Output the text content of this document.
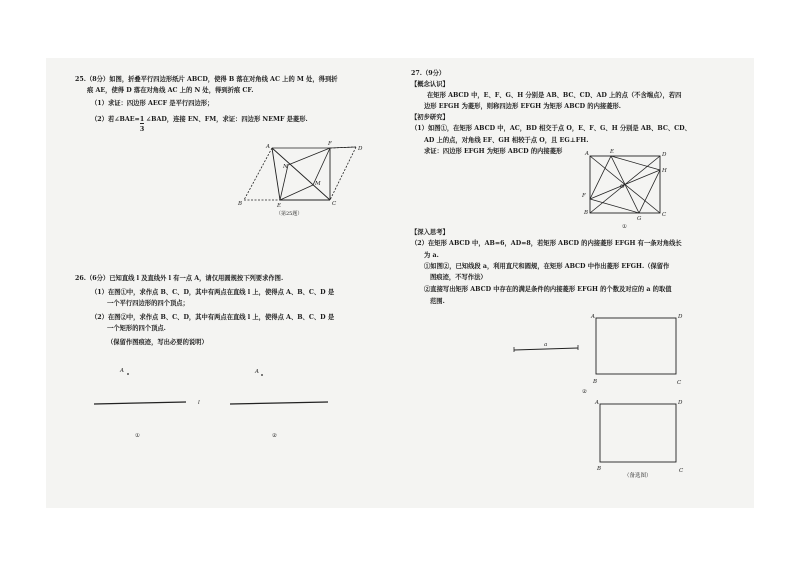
25.（8分）如图，折叠平行四边形纸片 ABCD，使得 B 落在对角线 AC 上的 M 处，得到折
痕 AE，使得 D 落在对角线 AC 上的 N 处，得到折痕 CF.
（1）求证：四边形 AECF 是平行四边形；
（2）若∠BAE=
$\frac{1}{3}$
∠BAD，连接 EN、FM，求证：四边形 NEMF 是菱形.
A	D
B	C
E
F
M
N
（第25题）
26.（6分）已知直线 l 及直线外 l 有一点 A，请仅用圆规按下列要求作图.
（1）在图①中，求作点 B、C、D，其中有两点在直线 l 上，使得点 A、B、C、D 是
一个平行四边形的四个顶点；
（2）在图②中，求作点 B、C、D，其中有两点在直线 l 上，使得点 A、B、C、D 是
一个矩形的四个顶点.
（保留作图痕迹，写出必要的说明）
A
l
①
A
②
27.（9分）
【概念认识】
在矩形 ABCD 中，E、F、G、H 分别是 AB、BC、CD、AD 上的点（不含端点），若四
边形 EFGH 为菱形，则称四边形 EFGH 为矩形 ABCD 的内接菱形.
【初步研究】
（1）如图①，在矩形 ABCD 中，AC，BD 相交于点 O，E、F、G、H 分别是 AB、BC、CD、
AD 上的点，对角线 EF、GH 相较于点 O，且 EG⊥FH.
求证：四边形 EFGH 为矩形 ABCD 的内接菱形	A	E	D
H
F
B
G
C
O
①
【深入思考】
（2）在矩形 ABCD 中，AB=6，AD=8，若矩形 ABCD 的内接菱形 EFGH 有一条对角线长
为 a.
①如图②，已知线段 a，利用直尺和圆规，在矩形 ABCD 中作出菱形 EFGH.（保留作
图痕迹，不写作法）
②直接写出矩形 ABCD 中存在的满足条件的内接菱形 EFGH 的个数及对应的 a 的取值
范围.
a
A	D
B	C
②
A	D
B	C
（备选图）
